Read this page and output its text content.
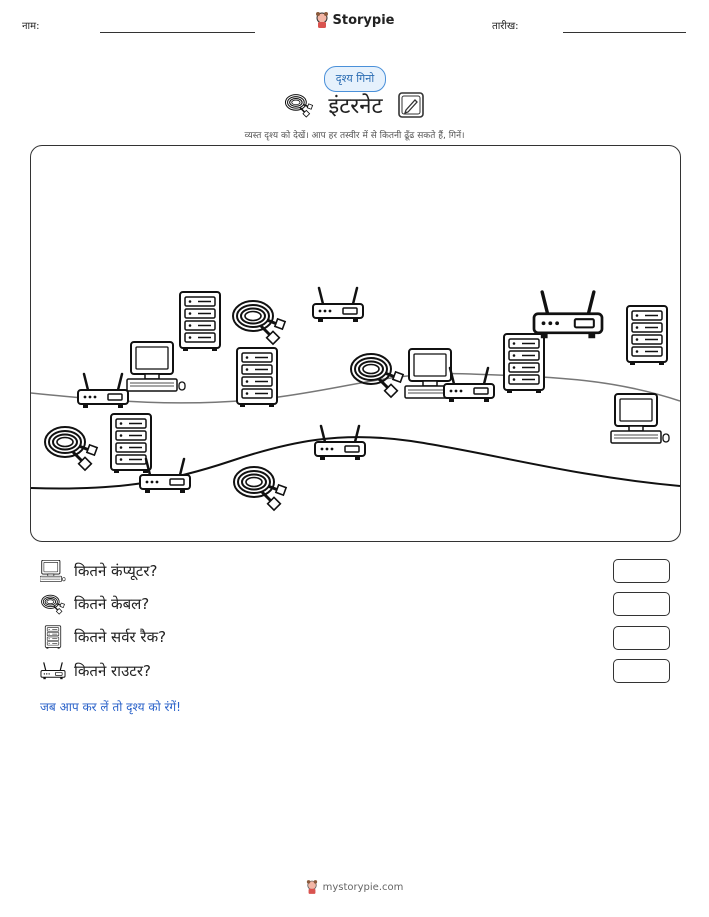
नाम:	Storypie	तारीख:
दृश्य गिनो
इंटरनेट
व्यस्त दृश्य को देखें। आप हर तस्वीर में से कितनी ढूँढ सकते हैं, गिनें।
कितने कंप्यूटर?
कितने केबल?
कितने सर्वर रैक?
कितने राउटर?
जब आप कर लें तो दृश्य को रंगें!
mystorypie.com
